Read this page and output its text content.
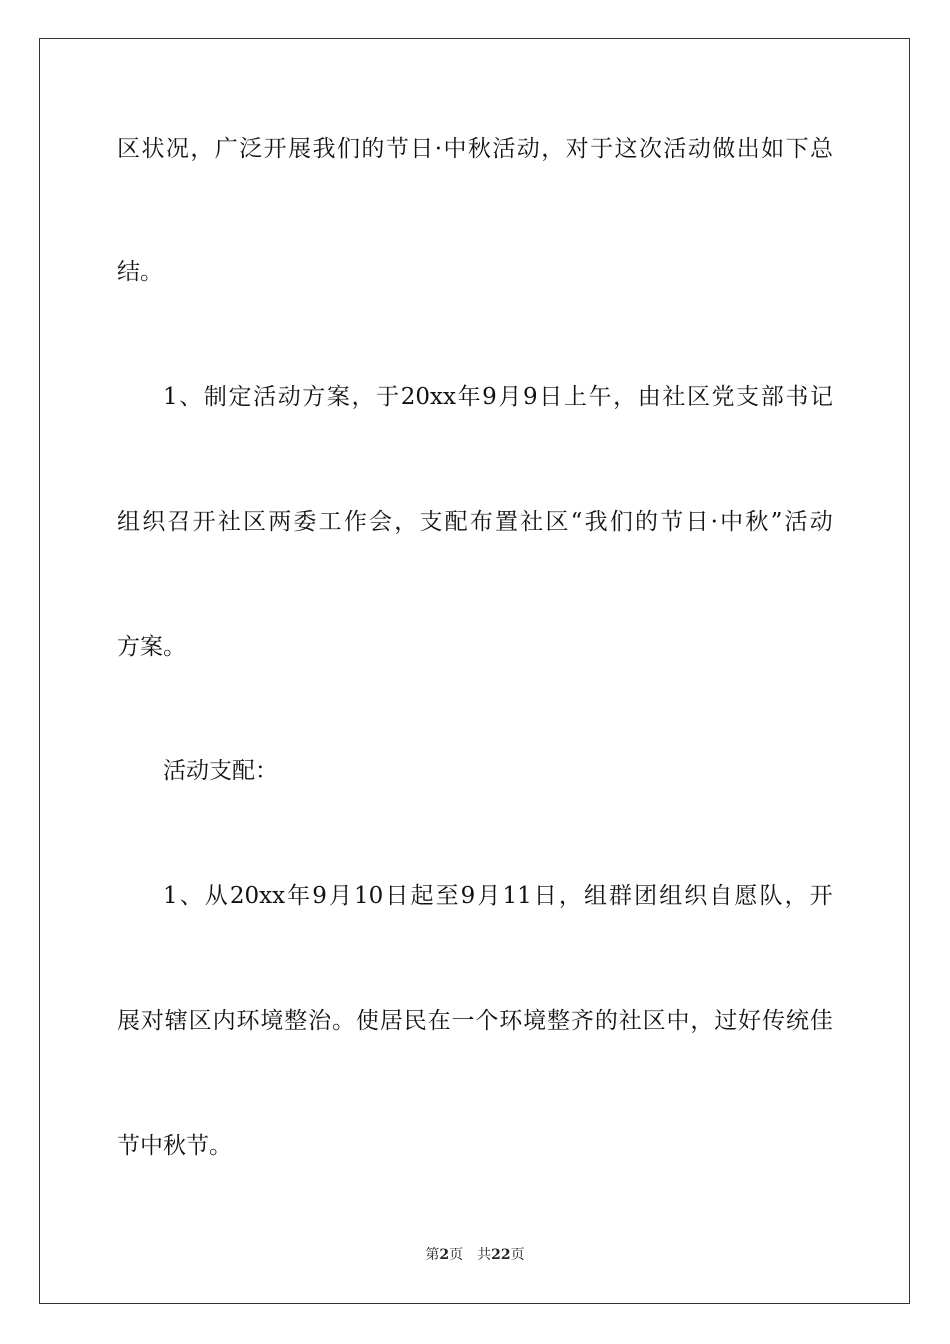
区 状 况 ， 广 泛 开 展 我 们 的 节 日 · 中 秋 活 动 ， 对 于 这 次 活 动 做 出 如 下 总
结。
1 、 制 定 活 动 方 案 ， 于 20xx 年 9 月 9 日 上 午 ， 由 社 区 党 支 部 书 记
组 织 召 开 社 区 两 委 工 作 会 ， 支 配 布 置 社 区 “ 我 们 的 节 日 · 中 秋 ” 活 动
方案。
活动支配：
1 、 从 20xx 年 9 月 10 日 起 至 9 月 11 日 ， 组 群 团 组 织 自 愿 队 ， 开
展 对 辖 区 内 环 境 整 治 。 使 居 民 在 一 个 环 境 整 齐 的 社 区 中 ， 过 好 传 统 佳
节中秋节。
第2页 共22页
